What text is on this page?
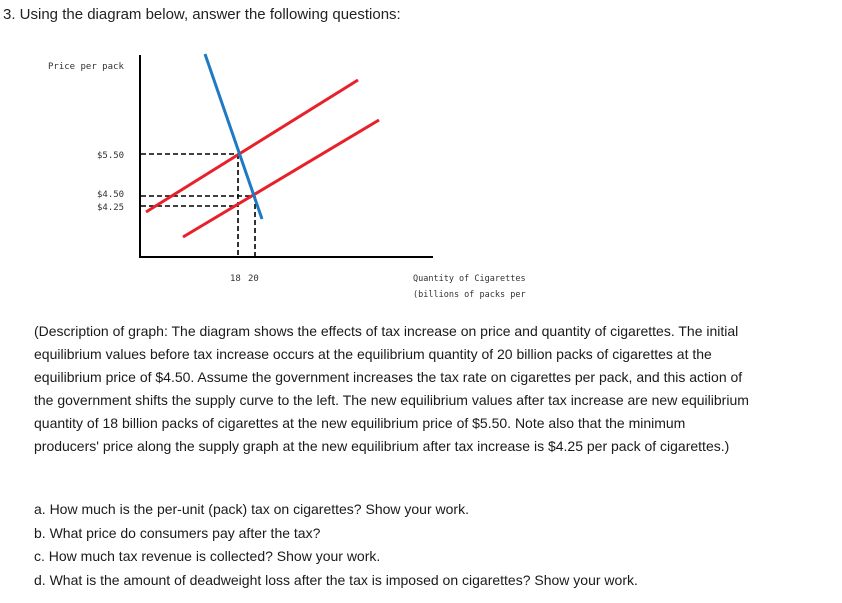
3. Using the diagram below, answer the following questions:
Price per pack
$5.50
$4.50
$4.25
18 20	Quantity of Cigarettes
(billions of packs per
(Description of graph: The diagram shows the effects of tax increase on price and quantity of cigarettes. The initial equilibrium values before tax increase occurs at the equilibrium quantity of 20 billion packs of cigarettes at the equilibrium price of $4.50. Assume the government increases the tax rate on cigarettes per pack, and this action of the government shifts the supply curve to the left. The new equilibrium values after tax increase are new equilibrium quantity of 18 billion packs of cigarettes at the new equilibrium price of $5.50. Note also that the minimum producers' price along the supply graph at the new equilibrium after tax increase is $4.25 per pack of cigarettes.)
a. How much is the per-unit (pack) tax on cigarettes? Show your work.
b. What price do consumers pay after the tax?
c. How much tax revenue is collected? Show your work.
d. What is the amount of deadweight loss after the tax is imposed on cigarettes? Show your work.
